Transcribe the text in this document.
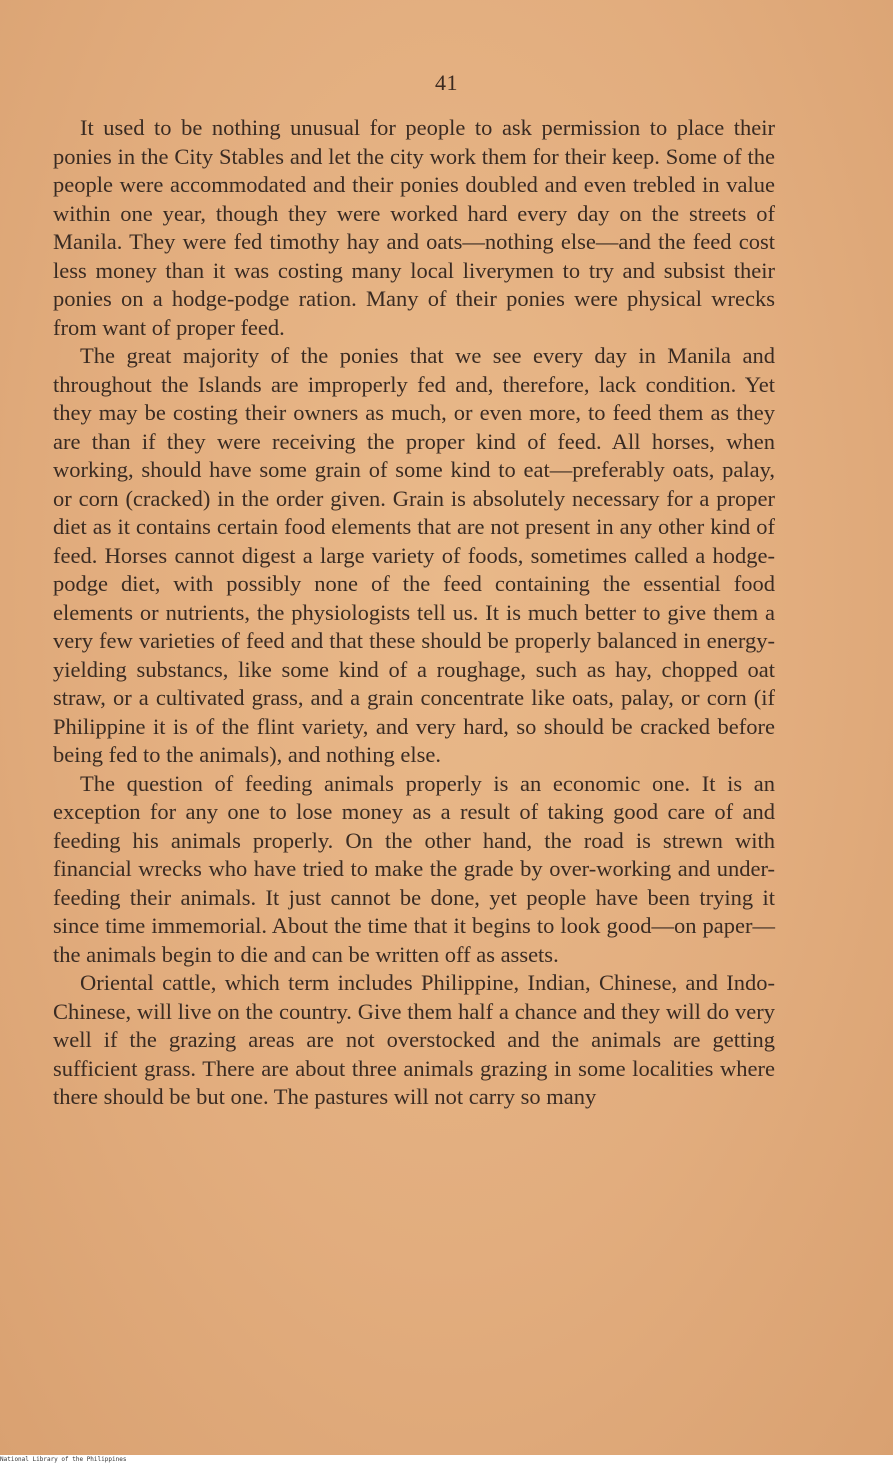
41

It used to be nothing unusual for people to ask permission to place their ponies in the City Stables and let the city work them for their keep. Some of the people were accommodated and their ponies doubled and even trebled in value within one year, though they were worked hard every day on the streets of Manila. They were fed timothy hay and oats—nothing else—and the feed cost less money than it was costing many local liverymen to try and subsist their ponies on a hodge-podge ration. Many of their ponies were physical wrecks from want of proper feed.

The great majority of the ponies that we see every day in Manila and throughout the Islands are improperly fed and, therefore, lack condition. Yet they may be costing their owners as much, or even more, to feed them as they are than if they were receiving the proper kind of feed. All horses, when working, should have some grain of some kind to eat—preferably oats, palay, or corn (cracked) in the order given. Grain is absolutely necessary for a proper diet as it contains certain food elements that are not present in any other kind of feed. Horses cannot digest a large variety of foods, sometimes called a hodge-podge diet, with possibly none of the feed containing the essential food elements or nutrients, the physiologists tell us. It is much better to give them a very few varieties of feed and that these should be properly balanced in energy-yielding substancs, like some kind of a roughage, such as hay, chopped oat straw, or a cultivated grass, and a grain concentrate like oats, palay, or corn (if Philippine it is of the flint variety, and very hard, so should be cracked before being fed to the animals), and nothing else.

The question of feeding animals properly is an economic one. It is an exception for any one to lose money as a result of taking good care of and feeding his animals properly. On the other hand, the road is strewn with financial wrecks who have tried to make the grade by over-working and under-feeding their animals. It just cannot be done, yet people have been trying it since time immemorial. About the time that it begins to look good—on paper—the animals begin to die and can be written off as assets.

Oriental cattle, which term includes Philippine, Indian, Chinese, and Indo-Chinese, will live on the country. Give them half a chance and they will do very well if the grazing areas are not overstocked and the animals are getting sufficient grass. There are about three animals grazing in some localities where there should be but one. The pastures will not carry so many

National Library of the Philippines
